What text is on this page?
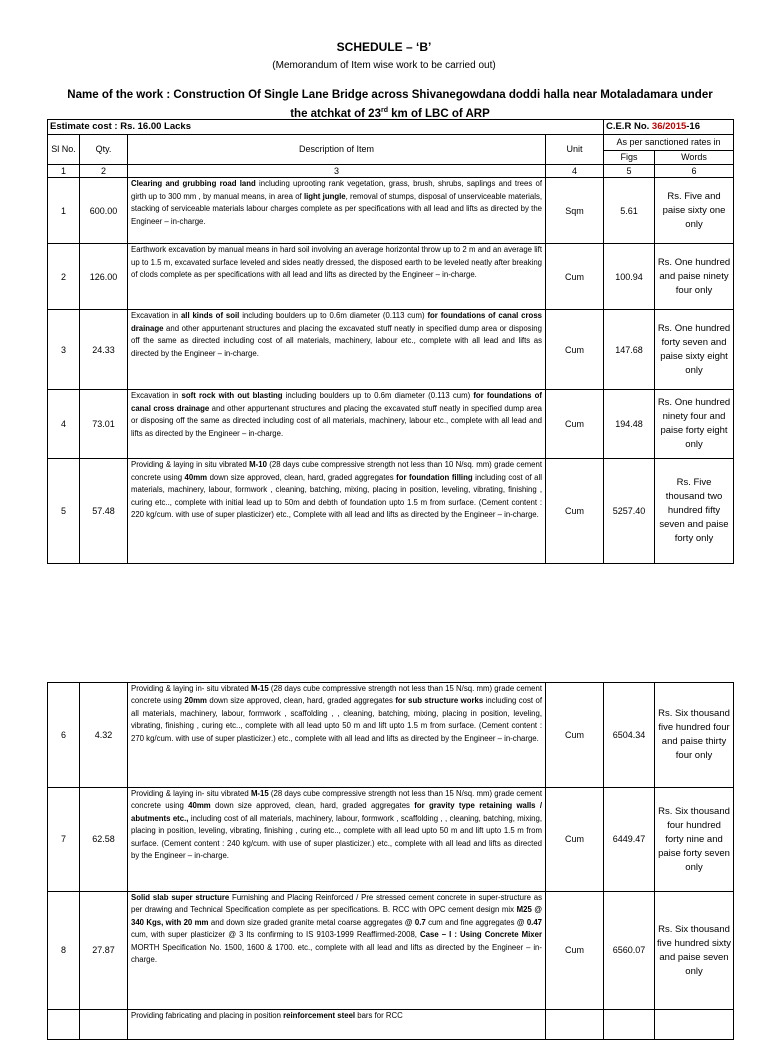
SCHEDULE – ‘B’
(Memorandum of Item wise work to be carried out)
Name of the work : Construction Of Single Lane Bridge across Shivanegowdana doddi halla near Motaladamara under
the atchkat of 23rd km of LBC of ARP
Estimate cost : Rs. 16.00 Lacks				C.E.R No. 36/2015-16	
Sl No.	Qty.	Description of Item	Unit	As per sanctioned rates in	
				Figs	Words
1	2	3	4	5	6
1	600.00	Clearing and grubbing road land including uprooting rank vegetation, grass, brush, shrubs, saplings and trees of girth up to 300 mm , by manual means, in area of light jungle, removal of stumps, disposal of unserviceable materials, stacking of serviceable materials labour charges complete as per specifications with all lead and lifts as directed by the Engineer – in-charge.	Sqm	5.61	Rs. Five and paise sixty one only
2	126.00	Earthwork excavation by manual means in hard soil involving an average horizontal throw up to 2 m and an average lift up to 1.5 m, excavated surface leveled and sides neatly dressed, the disposed earth to be leveled neatly after breaking of clods complete as per specifications with all lead and lifts as directed by the Engineer – in-charge.	Cum	100.94	Rs. One hundred and paise ninety four only
3	24.33	Excavation in all kinds of soil including boulders up to 0.6m diameter (0.113 cum) for foundations of canal cross drainage and other appurtenant structures and placing the excavated stuff neatly in specified dump area or disposing off the same as directed including cost of all materials, machinery, labour etc., complete with all lead and lifts as directed by the Engineer – in-charge.	Cum	147.68	Rs. One hundred forty seven and paise sixty eight only
4	73.01	Excavation in soft rock with out blasting including boulders up to 0.6m diameter (0.113 cum) for foundations of canal cross drainage and other appurtenant structures and placing the excavated stuff neatly in specified dump area or disposing off the same as directed including cost of all materials, machinery, labour etc., complete with all lead and lifts as directed by the Engineer – in-charge.	Cum	194.48	Rs. One hundred ninety four and paise forty eight only
5	57.48	Providing & laying in situ vibrated M-10 (28 days cube compressive strength not less than 10 N/sq. mm) grade cement concrete using 40mm down size approved, clean, hard, graded aggregates for foundation filling including cost of all materials, machinery, labour, formwork , cleaning, batching, mixing, placing in position, leveling, vibrating, finishing , curing etc.., complete with initial lead up to 50m and debth of foundation upto 1.5 m from surface. (Cement content : 220 kg/cum. with use of super plasticizer) etc., Complete with all lead and lifts as directed by the Engineer – in-charge.	Cum	5257.40	Rs. Five thousand two hundred fifty seven and paise forty only
6	4.32	Providing & laying in- situ vibrated M-15 (28 days cube compressive strength not less than 15 N/sq. mm) grade cement concrete using 20mm down size approved, clean, hard, graded aggregates for sub structure works including cost of all materials, machinery, labour, formwork , scaffolding , , cleaning, batching, mixing, placing in position, leveling, vibrating, finishing , curing etc.., complete with all lead upto 50 m and lift upto 1.5 m from surface. (Cement content : 270 kg/cum. with use of super plasticizer.) etc., complete with all lead and lifts as directed by the Engineer – in-charge.	Cum	6504.34	Rs. Six thousand five hundred four and paise thirty four only
7	62.58	Providing & laying in- situ vibrated M-15 (28 days cube compressive strength not less than 15 N/sq. mm) grade cement concrete using 40mm down size approved, clean, hard, graded aggregates for gravity type retaining walls / abutments etc., including cost of all materials, machinery, labour, formwork , scaffolding , , cleaning, batching, mixing, placing in position, leveling, vibrating, finishing , curing etc.., complete with all lead upto 50 m and lift upto 1.5 m from surface. (Cement content : 240 kg/cum. with use of super plasticizer.) etc., complete with all lead and lifts as directed by the Engineer – in-charge.	Cum	6449.47	Rs. Six thousand four hundred forty nine and paise forty seven only
8	27.87	Solid slab super structure Furnishing and Placing Reinforced / Pre stressed cement concrete in super-structure as per drawing and Technical Specification complete as per specifications. B. RCC with OPC cement design mix M25 @ 340 Kgs, with 20 mm and down size graded granite metal coarse aggregates @ 0.7 cum and fine aggregates @ 0.47 cum, with super plasticizer @ 3 lts confirming to IS 9103-1999 Reaffirmed-2008, Case – I : Using Concrete Mixer MORTH Specification No. 1500, 1600 & 1700. etc., complete with all lead and lifts as directed by the Engineer – in-charge.	Cum	6560.07	Rs. Six thousand five hundred sixty and paise seven only
		Providing fabricating and placing in position reinforcement steel bars for RCC			
